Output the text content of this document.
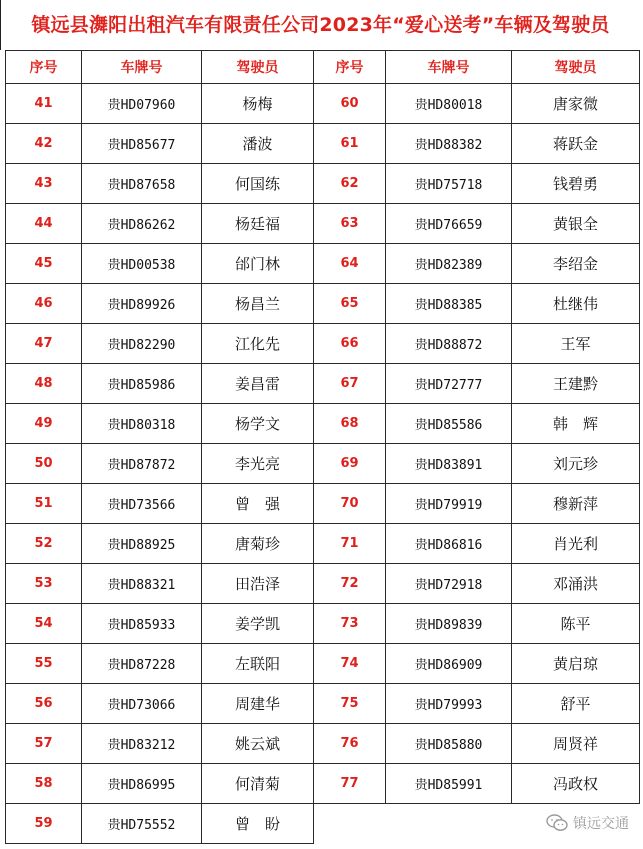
镇远县㵲阳出租汽车有限责任公司2023年“爱心送考”车辆及驾驶员
序号	车牌号	驾驶员	序号	车牌号	驾驶员
41	贵HD07960	杨梅	60	贵HD80018	唐家微
42	贵HD85677	潘波	61	贵HD88382	蒋跃金
43	贵HD87658	何国练	62	贵HD75718	钱碧勇
44	贵HD86262	杨廷福	63	贵HD76659	黄银全
45	贵HD00538	邰门林	64	贵HD82389	李绍金
46	贵HD89926	杨昌兰	65	贵HD88385	杜继伟
47	贵HD82290	江化先	66	贵HD88872	王军
48	贵HD85986	姜昌雷	67	贵HD72777	王建黔
49	贵HD80318	杨学文	68	贵HD85586	韩　辉
50	贵HD87872	李光亮	69	贵HD83891	刘元珍
51	贵HD73566	曾　强	70	贵HD79919	穆新萍
52	贵HD88925	唐菊珍	71	贵HD86816	肖光利
53	贵HD88321	田浩泽	72	贵HD72918	邓涌洪
54	贵HD85933	姜学凯	73	贵HD89839	陈平
55	贵HD87228	左联阳	74	贵HD86909	黄启琼
56	贵HD73066	周建华	75	贵HD79993	舒平
57	贵HD83212	姚云斌	76	贵HD85880	周贤祥
58	贵HD86995	何清菊	77	贵HD85991	冯政权
59	贵HD75552	曾　盼				镇远交通
